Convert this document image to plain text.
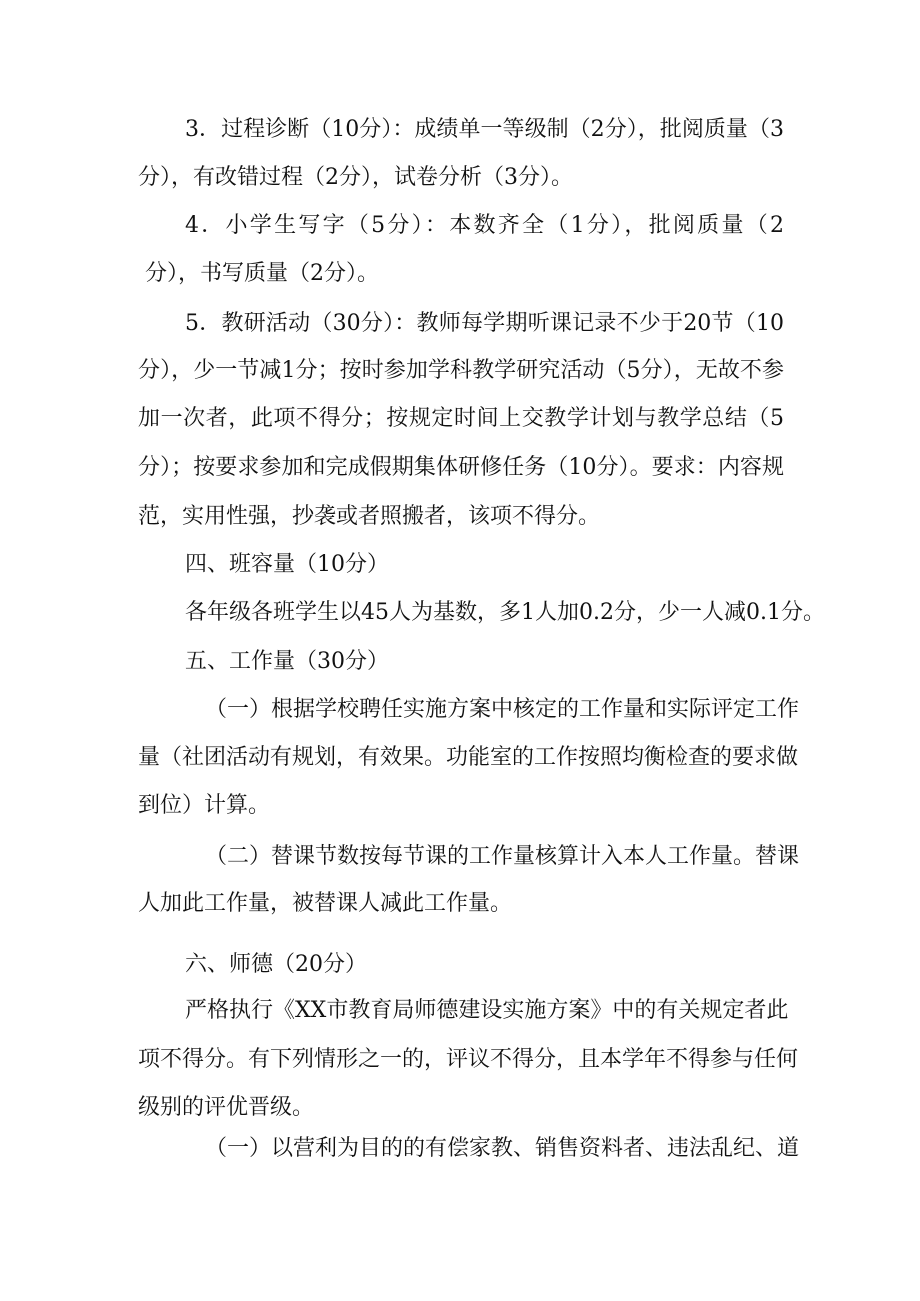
3．过程诊断（10分）：成绩单一等级制（2分），批阅质量（3
分），有改错过程（2分），试卷分析（3分）。
4．小学生写字（5分）：本数齐全（1分），批阅质量（2
分），书写质量（2分）。
5．教研活动（30分）：教师每学期听课记录不少于20节（10
分），少一节减1分；按时参加学科教学研究活动（5分），无故不参
加一次者，此项不得分；按规定时间上交教学计划与教学总结（5
分）；按要求参加和完成假期集体研修任务（10分）。要求：内容规
范，实用性强，抄袭或者照搬者，该项不得分。
四、班容量（10分）
各年级各班学生以45人为基数，多1人加0.2分，少一人减0.1分。
五、工作量（30分）
（一）根据学校聘任实施方案中核定的工作量和实际评定工作
量（社团活动有规划，有效果。功能室的工作按照均衡检查的要求做
到位）计算。
（二）替课节数按每节课的工作量核算计入本人工作量。替课
人加此工作量，被替课人减此工作量。
六、师德（20分）
严格执行《XX市教育局师德建设实施方案》中的有关规定者此
项不得分。有下列情形之一的，评议不得分，且本学年不得参与任何
级别的评优晋级。
（一）以营利为目的的有偿家教、销售资料者、违法乱纪、道
